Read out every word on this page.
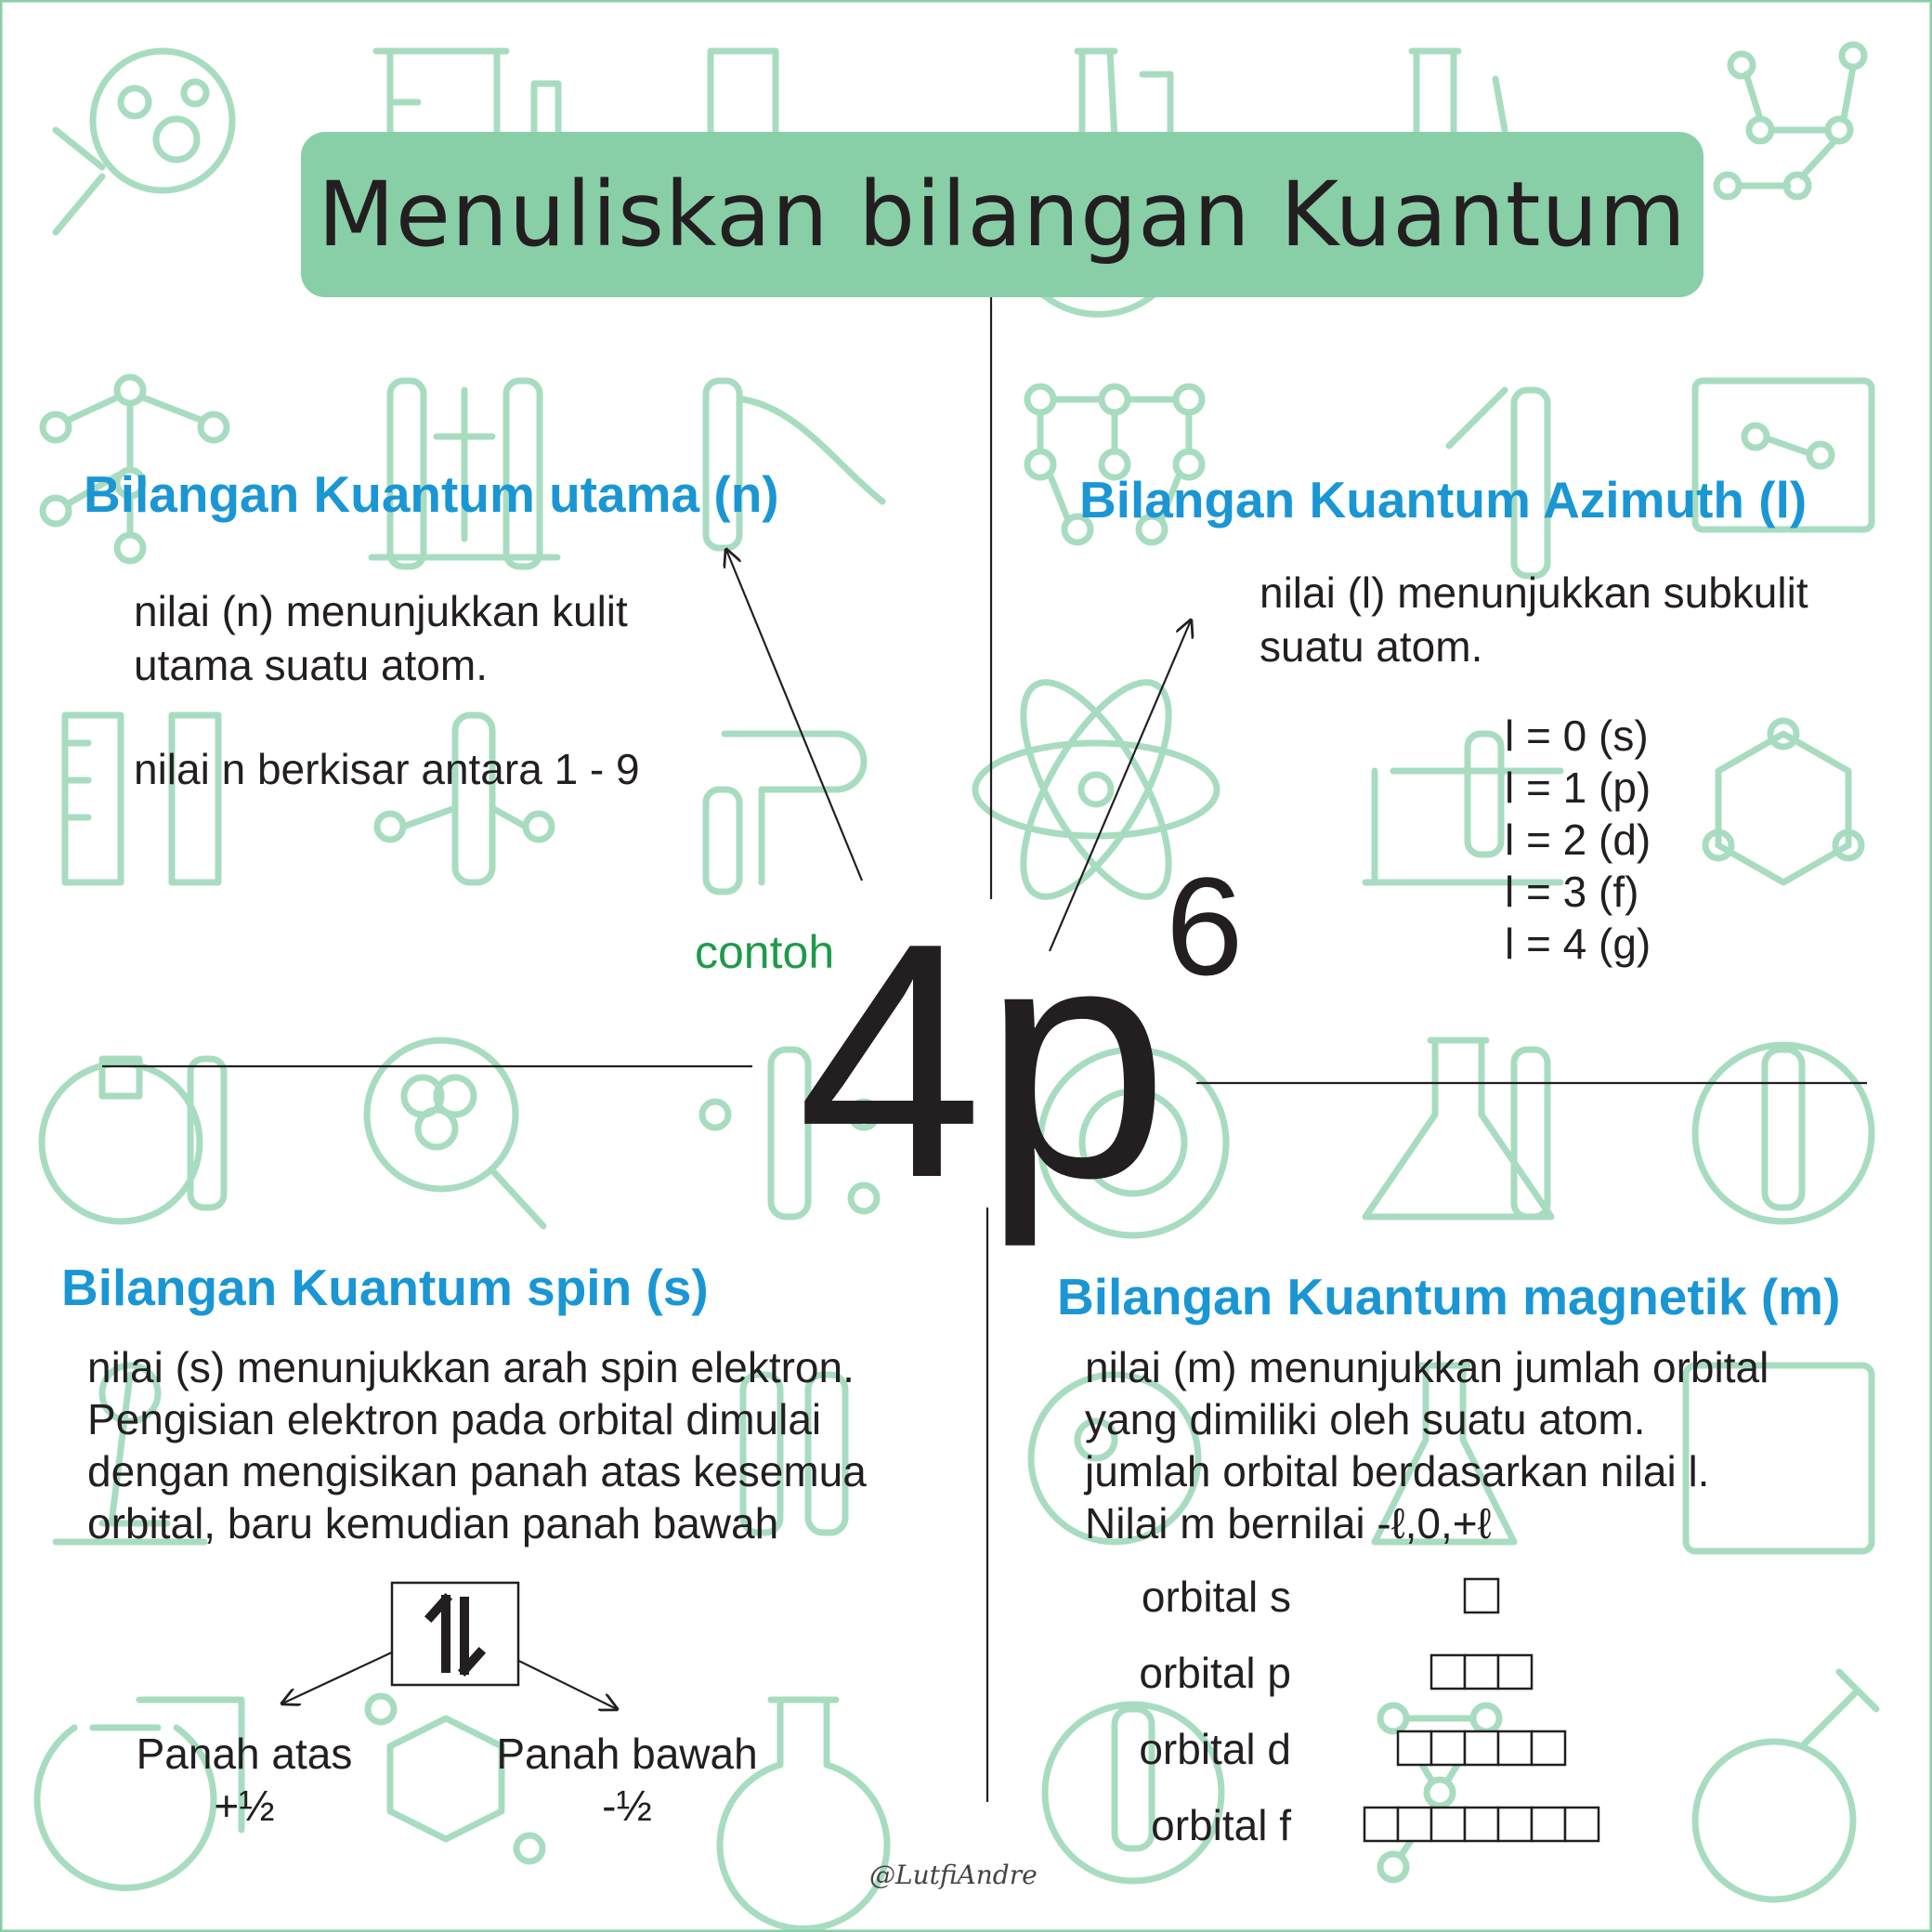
Menuliskan bilangan Kuantum
Bilangan Kuantum utama (n)
nilai (n) menunjukkan kulit
utama suatu atom.
nilai n berkisar antara 1 - 9
Bilangan Kuantum Azimuth (l)
nilai (l) menunjukkan subkulit
suatu atom.
l = 0 (s)
l = 1 (p)
l = 2 (d)
l = 3 (f)
l = 4 (g)
contoh
4p
6
Bilangan Kuantum spin (s)
nilai (s) menunjukkan arah spin elektron.
Pengisian elektron pada orbital dimulai
dengan mengisikan panah atas kesemua
orbital, baru kemudian panah bawah
Panah atas
+½
Panah bawah
-½
Bilangan Kuantum magnetik (m)
nilai (m) menunjukkan jumlah orbital
yang dimiliki oleh suatu atom.
jumlah orbital berdasarkan nilai l.
Nilai m bernilai -ℓ,0,+ℓ
orbital s
orbital p
orbital d
orbital f
@LutfiAndre
